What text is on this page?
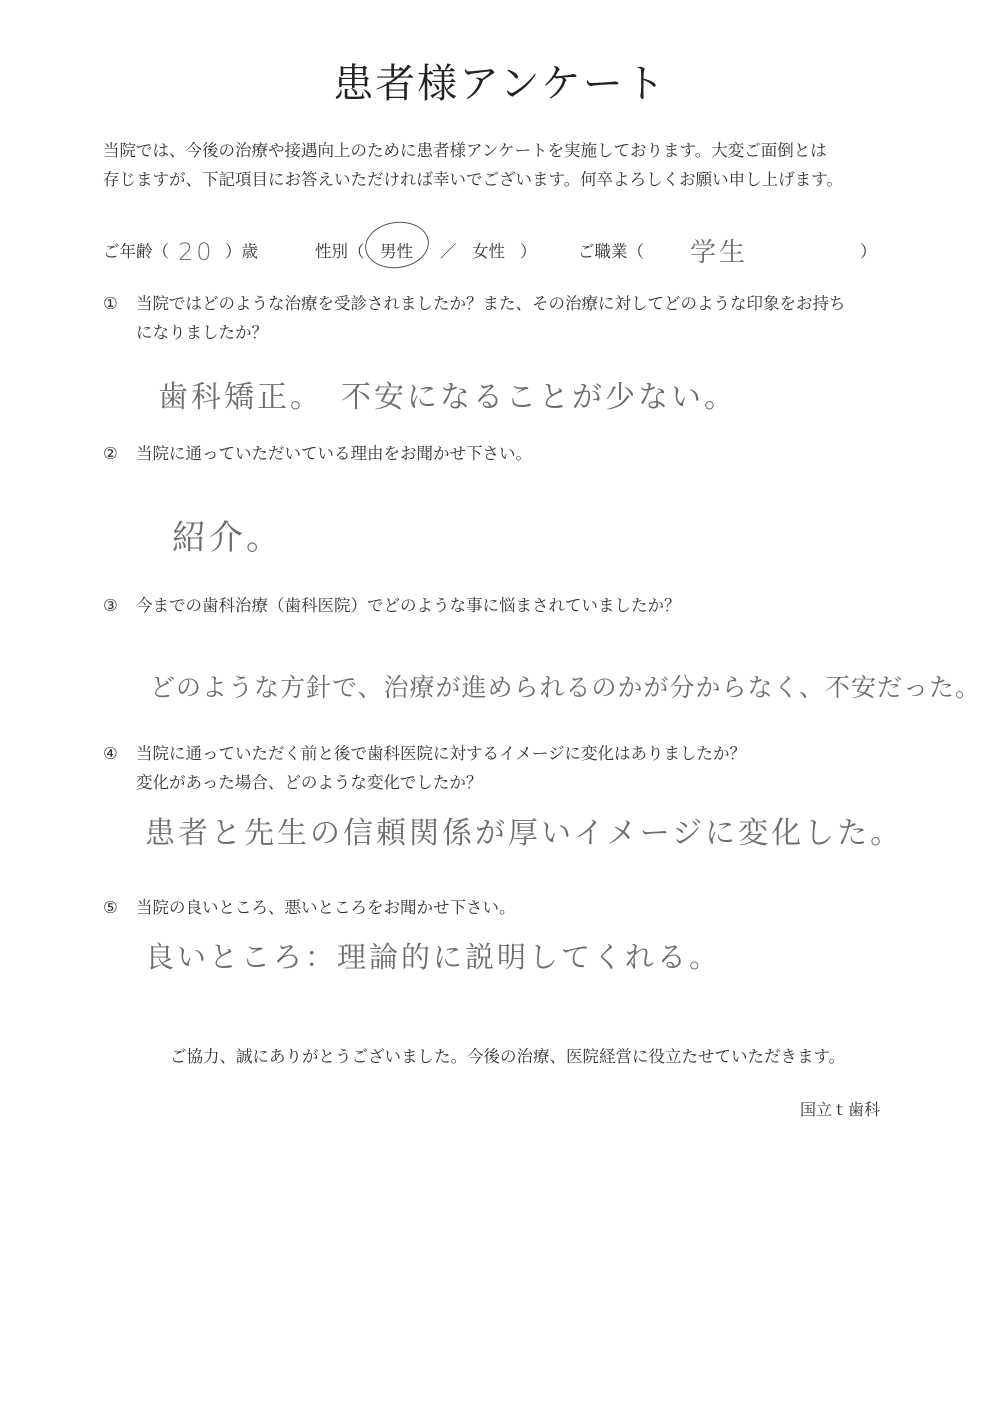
患者様アンケート
当院では、今後の治療や接遇向上のために患者様アンケートを実施しております。大変ご面倒とは
存じますが、下記項目にお答えいただければ幸いでございます。何卒よろしくお願い申し上げます。
ご年齢（ 20 ）歳	性別（ 男性 ／ 女性 ）	ご職業（ 学生	）
① 当院ではどのような治療を受診されましたか？また、その治療に対してどのような印象をお持ち
になりましたか？
歯科矯正。　不安になることが少ない。
② 当院に通っていただいている理由をお聞かせ下さい。
紹介。
③ 今までの歯科治療（歯科医院）でどのような事に悩まされていましたか？
どのような方針で、治療が進められるのかが分からなく、不安だった。
④ 当院に通っていただく前と後で歯科医院に対するイメージに変化はありましたか？
変化があった場合、どのような変化でしたか？
患者と先生の信頼関係が厚いイメージに変化した。
⑤ 当院の良いところ、悪いところをお聞かせ下さい。
良いところ：理論的に説明してくれる。
ご協力、誠にありがとうございました。今後の治療、医院経営に役立たせていただきます。
国立ｔ歯科
